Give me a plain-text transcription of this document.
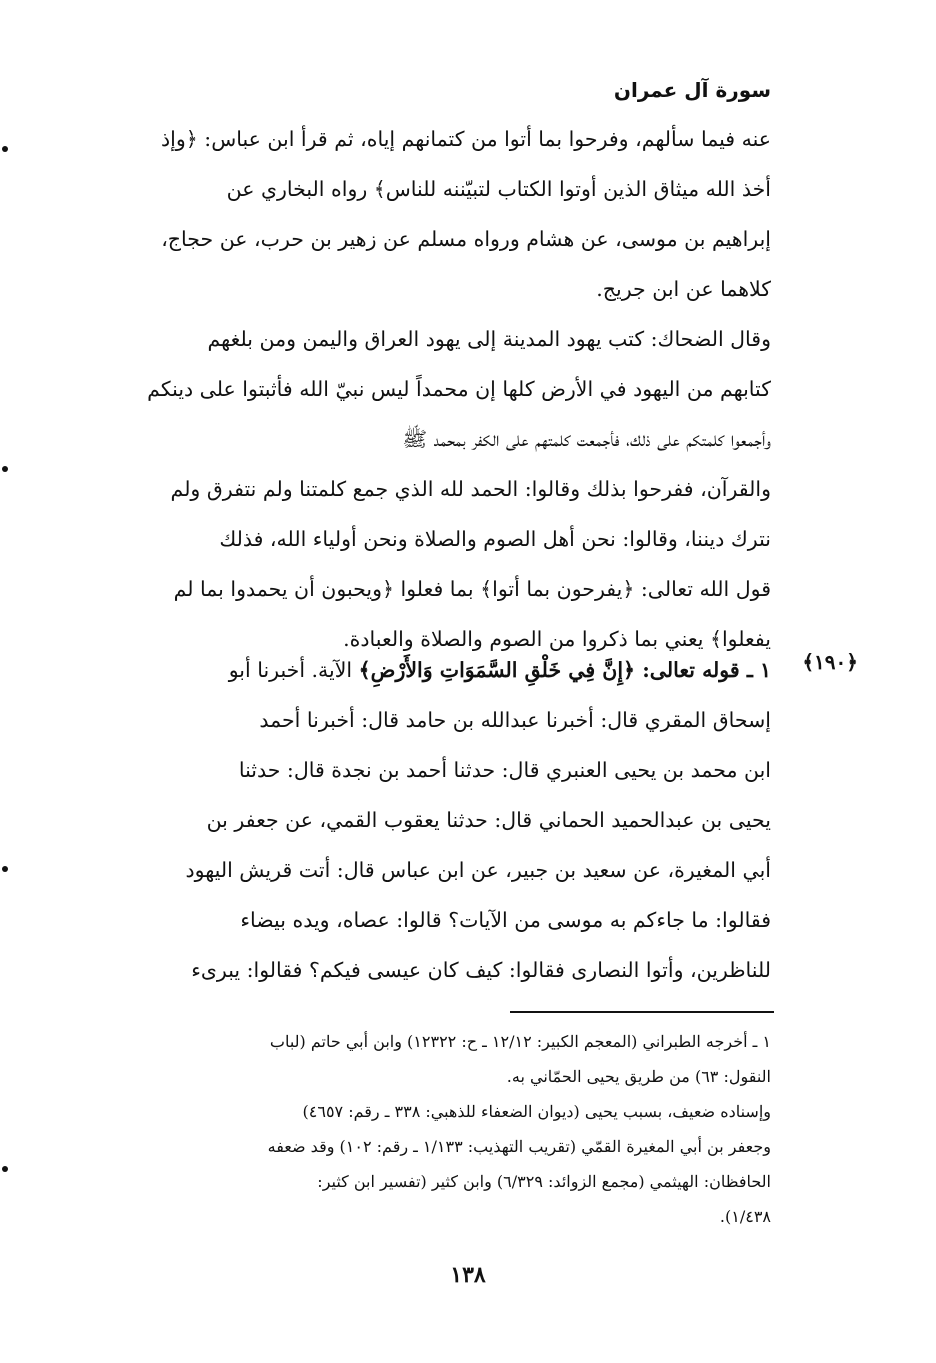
سورة آل عمران
عنه فيما سألهم، وفرحوا بما أتوا من كتمانهم إياه، ثم قرأ ابن عباس: ﴿وإذ
أخذ الله ميثاق الذين أوتوا الكتاب لتبيّننه للناس﴾ رواه البخاري عن
إبراهيم بن موسى، عن هشام ورواه مسلم عن زهير بن حرب، عن حجاج،
كلاهما عن ابن جريج.
وقال الضحاك: كتب يهود المدينة إلى يهود العراق واليمن ومن بلغهم
كتابهم من اليهود في الأرض كلها إن محمداً ليس نبيّ الله فأثبتوا على دينكم
وأجمعوا كلمتكم على ذلك، فأجمعت كلمتهم على الكفر بمحمد ﷺ
والقرآن، ففرحوا بذلك وقالوا: الحمد لله الذي جمع كلمتنا ولم نتفرق ولم
نترك ديننا، وقالوا: نحن أهل الصوم والصلاة ونحن أولياء الله، فذلك
قول الله تعالى: ﴿يفرحون بما أتوا﴾ بما فعلوا ﴿ويحبون أن يحمدوا بما لم
يفعلوا﴾ يعني بما ذكروا من الصوم والصلاة والعبادة.
﴿١٩٠﴾
١ ـ قوله تعالى: ﴿إِنَّ فِي خَلْقِ السَّمَوَاتِ وَالأَرْضِ﴾ الآية. أخبرنا أبو
إسحاق المقري قال: أخبرنا عبدالله بن حامد قال: أخبرنا أحمد
ابن محمد بن يحيى العنبري قال: حدثنا أحمد بن نجدة قال: حدثنا
يحيى بن عبدالحميد الحماني قال: حدثنا يعقوب القمي، عن جعفر بن
أبي المغيرة، عن سعيد بن جبير، عن ابن عباس قال: أتت قريش اليهود
فقالوا: ما جاءكم به موسى من الآيات؟ قالوا: عصاه، ويده بيضاء
للناظرين، وأتوا النصارى فقالوا: كيف كان عيسى فيكم؟ فقالوا: يبرىء
١ ـ أخرجه الطبراني (المعجم الكبير: ١٢/١٢ ـ ح: ١٢٣٢٢) وابن أبي حاتم (لباب
النقول: ٦٣) من طريق يحيى الحمّاني به.
وإسناده ضعيف، بسبب يحيى (ديوان الضعفاء للذهبي: ٣٣٨ ـ رقم: ٤٦٥٧)
وجعفر بن أبي المغيرة القمّي (تقريب التهذيب: ١/١٣٣ ـ رقم: ١٠٢) وقد ضعفه
الحافظان: الهيثمي (مجمع الزوائد: ٦/٣٢٩) وابن كثير (تفسير ابن كثير:
١/٤٣٨).
١٣٨
